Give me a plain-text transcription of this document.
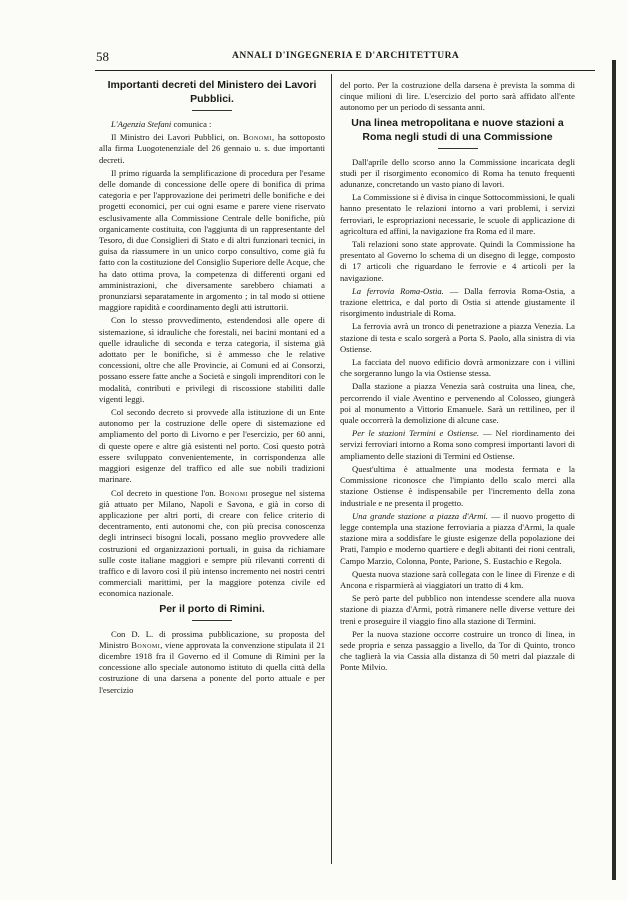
58	ANNALI D'INGEGNERIA E D'ARCHITETTURA

Importanti decreti del Ministero dei Lavori Pubblici.

L'Agenzia Stefani comunica :

Il Ministro dei Lavori Pubblici, on. Bonomi, ha sottoposto alla firma Luogotenenziale del 26 gennaio u. s. due importanti decreti.

Il primo riguarda la semplificazione di procedura per l'esame delle domande di concessione delle opere di bonifica di prima categoria e per l'approvazione dei perimetri delle bonifiche e dei progetti economici, per cui ogni esame e parere viene riservato esclusivamente alla Commissione Centrale delle bonifiche, più organicamente costituita, con l'aggiunta di un rappresentante del Tesoro, di due Consiglieri di Stato e di altri funzionari tecnici, in guisa da riassumere in un unico corpo consultivo, come già fu fatto con la costituzione del Consiglio Superiore delle Acque, che ha dato ottima prova, la competenza di differenti organi ed amministrazioni, che diversamente sarebbero chiamati a pronunziarsi separatamente in argomento ; in tal modo si ottiene maggiore rapidità e coordinamento degli atti istruttorii.

Con lo stesso provvedimento, estendendosi alle opere di sistemazione, sì idrauliche che forestali, nei bacini montani ed a quelle idrauliche di seconda e terza categoria, il sistema già adottato per le bonifiche, si è ammesso che le relative concessioni, oltre che alle Provincie, ai Comuni ed ai Consorzi, possano essere fatte anche a Società e singoli imprenditori con le modalità, contributi e privilegi di riscossione stabiliti dalle vigenti leggi.

Col secondo decreto si provvede alla istituzione di un Ente autonomo per la costruzione delle opere di sistemazione ed ampliamento del porto di Livorno e per l'esercizio, per 60 anni, di queste opere e altre già esistenti nel porto. Così questo potrà essere sviluppato convenientemente, in corrispondenza alle maggiori esigenze del traffico ed alle sue nobili tradizioni marinare.

Col decreto in questione l'on. Bonomi prosegue nel sistema già attuato per Milano, Napoli e Savona, e già in corso di applicazione per altri porti, di creare con felice criterio di decentramento, enti autonomi che, con più precisa conoscenza degli intrinseci bisogni locali, possano meglio provvedere alle costruzioni ed organizzazioni portuali, in guisa da richiamare sulle coste italiane maggiori e sempre più rilevanti correnti di traffico e di lavoro così il più intenso incremento nei nostri centri commerciali marittimi, per la maggiore potenza civile ed economica nazionale.

Per il porto di Rimini.

Con D. L. di prossima pubblicazione, su proposta del Ministro Bonomi, viene approvata la convenzione stipulata il 21 dicembre 1918 fra il Governo ed il Comune di Rimini per la concessione allo speciale autonomo istituto di quella città della costruzione di una darsena a ponente del porto attuale e per l'esercizio

del porto. Per la costruzione della darsena è prevista la somma di cinque milioni di lire. L'esercizio del porto sarà affidato all'ente autonomo per un periodo di sessanta anni.

Una linea metropolitana e nuove stazioni a Roma negli studi di una Commissione

Dall'aprile dello scorso anno la Commissione incaricata degli studi per il risorgimento economico di Roma ha tenuto frequenti adunanze, concretando un vasto piano di lavori.

La Commissione si è divisa in cinque Sottocommissioni, le quali hanno presentato le relazioni intorno a vari problemi, i servizi ferroviari, le espropriazioni necessarie, le scuole di applicazione di agricoltura ed affini, la navigazione fra Roma ed il mare.

Tali relazioni sono state approvate. Quindi la Commissione ha presentato al Governo lo schema di un disegno di legge, composto di 17 articoli che riguardano le ferrovie e 4 articoli per la navigazione.

La ferrovia Roma-Ostia. — Dalla ferrovia Roma-Ostia, a trazione elettrica, e dal porto di Ostia si attende giustamente il risorgimento industriale di Roma.

La ferrovia avrà un tronco di penetrazione a piazza Venezia. La stazione di testa e scalo sorgerà a Porta S. Paolo, alla sinistra di via Ostiense.

La facciata del nuovo edificio dovrà armonizzare con i villini che sorgeranno lungo la via Ostiense stessa.

Dalla stazione a piazza Venezia sarà costruita una linea, che, percorrendo il viale Aventino e pervenendo al Colosseo, giungerà poi al monumento a Vittorio Emanuele. Sarà un rettilineo, per il quale occorrerà la demolizione di alcune case.

Per le stazioni Termini e Ostiense. — Nel riordinamento dei servizi ferroviari intorno a Roma sono compresi importanti lavori di ampliamento delle stazioni di Termini ed Ostiense.

Quest'ultima è attualmente una modesta fermata e la Commissione riconosce che l'impianto dello scalo merci alla stazione Ostiense è indispensabile per l'incremento della zona industriale e ne presenta il progetto.

Una grande stazione a piazza d'Armi. — il nuovo progetto di legge contempla una stazione ferroviaria a piazza d'Armi, la quale stazione mira a soddisfare le giuste esigenze della popolazione dei Prati, l'ampio e moderno quartiere e degli abitanti dei rioni centrali, Campo Marzio, Colonna, Ponte, Parione, S. Eustachio e Regola.

Questa nuova stazione sarà collegata con le linee di Firenze e di Ancona e risparmierà ai viaggiatori un tratto di 4 km.

Se però parte del pubblico non intendesse scendere alla nuova stazione di piazza d'Armi, potrà rimanere nelle diverse vetture dei treni e proseguire il viaggio fino alla stazione di Termini.

Per la nuova stazione occorre costruire un tronco di linea, in sede propria e senza passaggio a livello, da Tor di Quinto, tronco che taglierà la via Cassia alla distanza di 50 metri dal piazzale di Ponte Milvio.
